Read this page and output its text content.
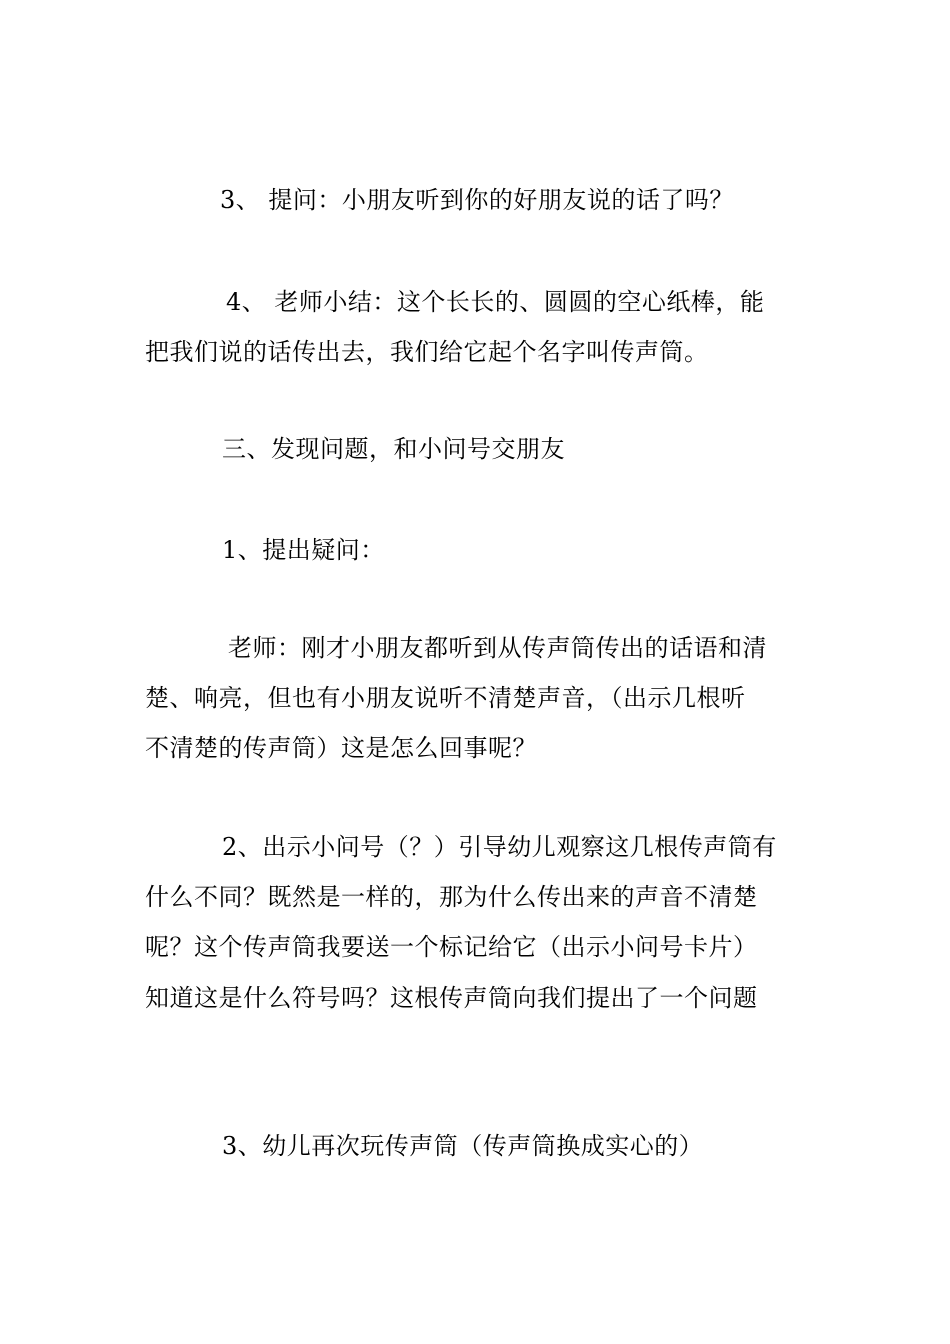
3、 提问：小朋友听到你的好朋友说的话了吗？
4、 老师小结：这个长长的、圆圆的空心纸棒，能
把我们说的话传出去，我们给它起个名字叫传声筒。
三、发现问题，和小问号交朋友
1、提出疑问：
老师：刚才小朋友都听到从传声筒传出的话语和清
楚、响亮，但也有小朋友说听不清楚声音，（出示几根听
不清楚的传声筒）这是怎么回事呢？
2、出示小问号（？）引导幼儿观察这几根传声筒有
什么不同？既然是一样的，那为什么传出来的声音不清楚
呢？这个传声筒我要送一个标记给它（出示小问号卡片）
知道这是什么符号吗？这根传声筒向我们提出了一个问题
3、幼儿再次玩传声筒（传声筒换成实心的）
